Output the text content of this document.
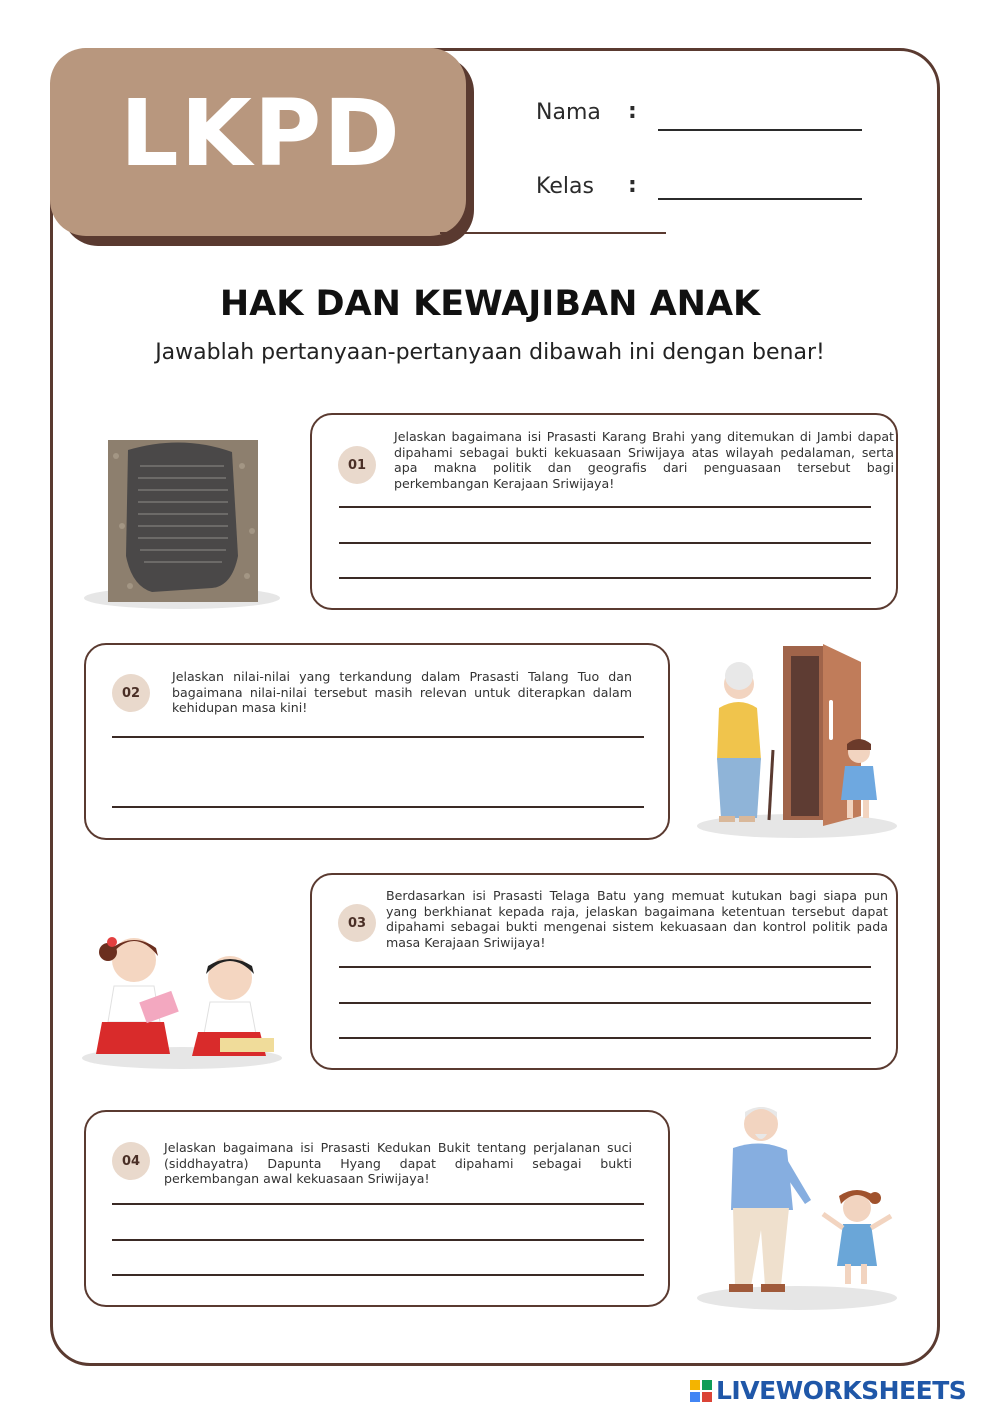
LKPD	Nama :
Kelas :
HAK DAN KEWAJIBAN ANAK
Jawablah pertanyaan-pertanyaan dibawah ini dengan benar!
01
Jelaskan bagaimana isi Prasasti Karang Brahi yang ditemukan di Jambi dapat dipahami sebagai bukti kekuasaan Sriwijaya atas wilayah pedalaman, serta apa makna politik dan geografis dari penguasaan tersebut bagi perkembangan Kerajaan Sriwijaya!
02
Jelaskan nilai-nilai yang terkandung dalam Prasasti Talang Tuo dan bagaimana nilai-nilai tersebut masih relevan untuk diterapkan dalam kehidupan masa kini!
03
Berdasarkan isi Prasasti Telaga Batu yang memuat kutukan bagi siapa pun yang berkhianat kepada raja, jelaskan bagaimana ketentuan tersebut dapat dipahami sebagai bukti mengenai sistem kekuasaan dan kontrol politik pada masa Kerajaan Sriwijaya!
04
Jelaskan bagaimana isi Prasasti Kedukan Bukit tentang perjalanan suci (siddhayatra) Dapunta Hyang dapat dipahami sebagai bukti perkembangan awal kekuasaan Sriwijaya!
LIVEWORKSHEETS
